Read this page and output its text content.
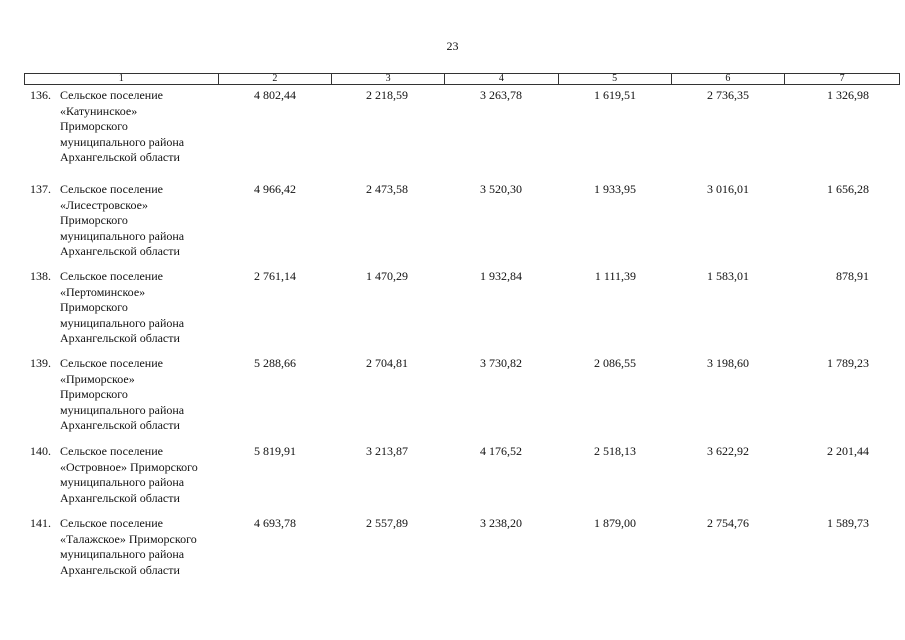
23
1	2	3	4	5	6	7
136. Сельское поселение
«Катунинское»
Приморского
муниципального района
Архангельской области
4 802,44	2 218,59	3 263,78	1 619,51	2 736,35	1 326,98
137. Сельское поселение
«Лисестровское»
Приморского
муниципального района
Архангельской области
4 966,42	2 473,58	3 520,30	1 933,95	3 016,01	1 656,28
138. Сельское поселение
«Пертоминское»
Приморского
муниципального района
Архангельской области
2 761,14	1 470,29	1 932,84	1 111,39	1 583,01	878,91
139. Сельское поселение
«Приморское»
Приморского
муниципального района
Архангельской области
5 288,66	2 704,81	3 730,82	2 086,55	3 198,60	1 789,23
140. Сельское поселение
«Островное» Приморского
муниципального района
Архангельской области
5 819,91	3 213,87	4 176,52	2 518,13	3 622,92	2 201,44
141. Сельское поселение
«Талажское» Приморского
муниципального района
Архангельской области
4 693,78	2 557,89	3 238,20	1 879,00	2 754,76	1 589,73
